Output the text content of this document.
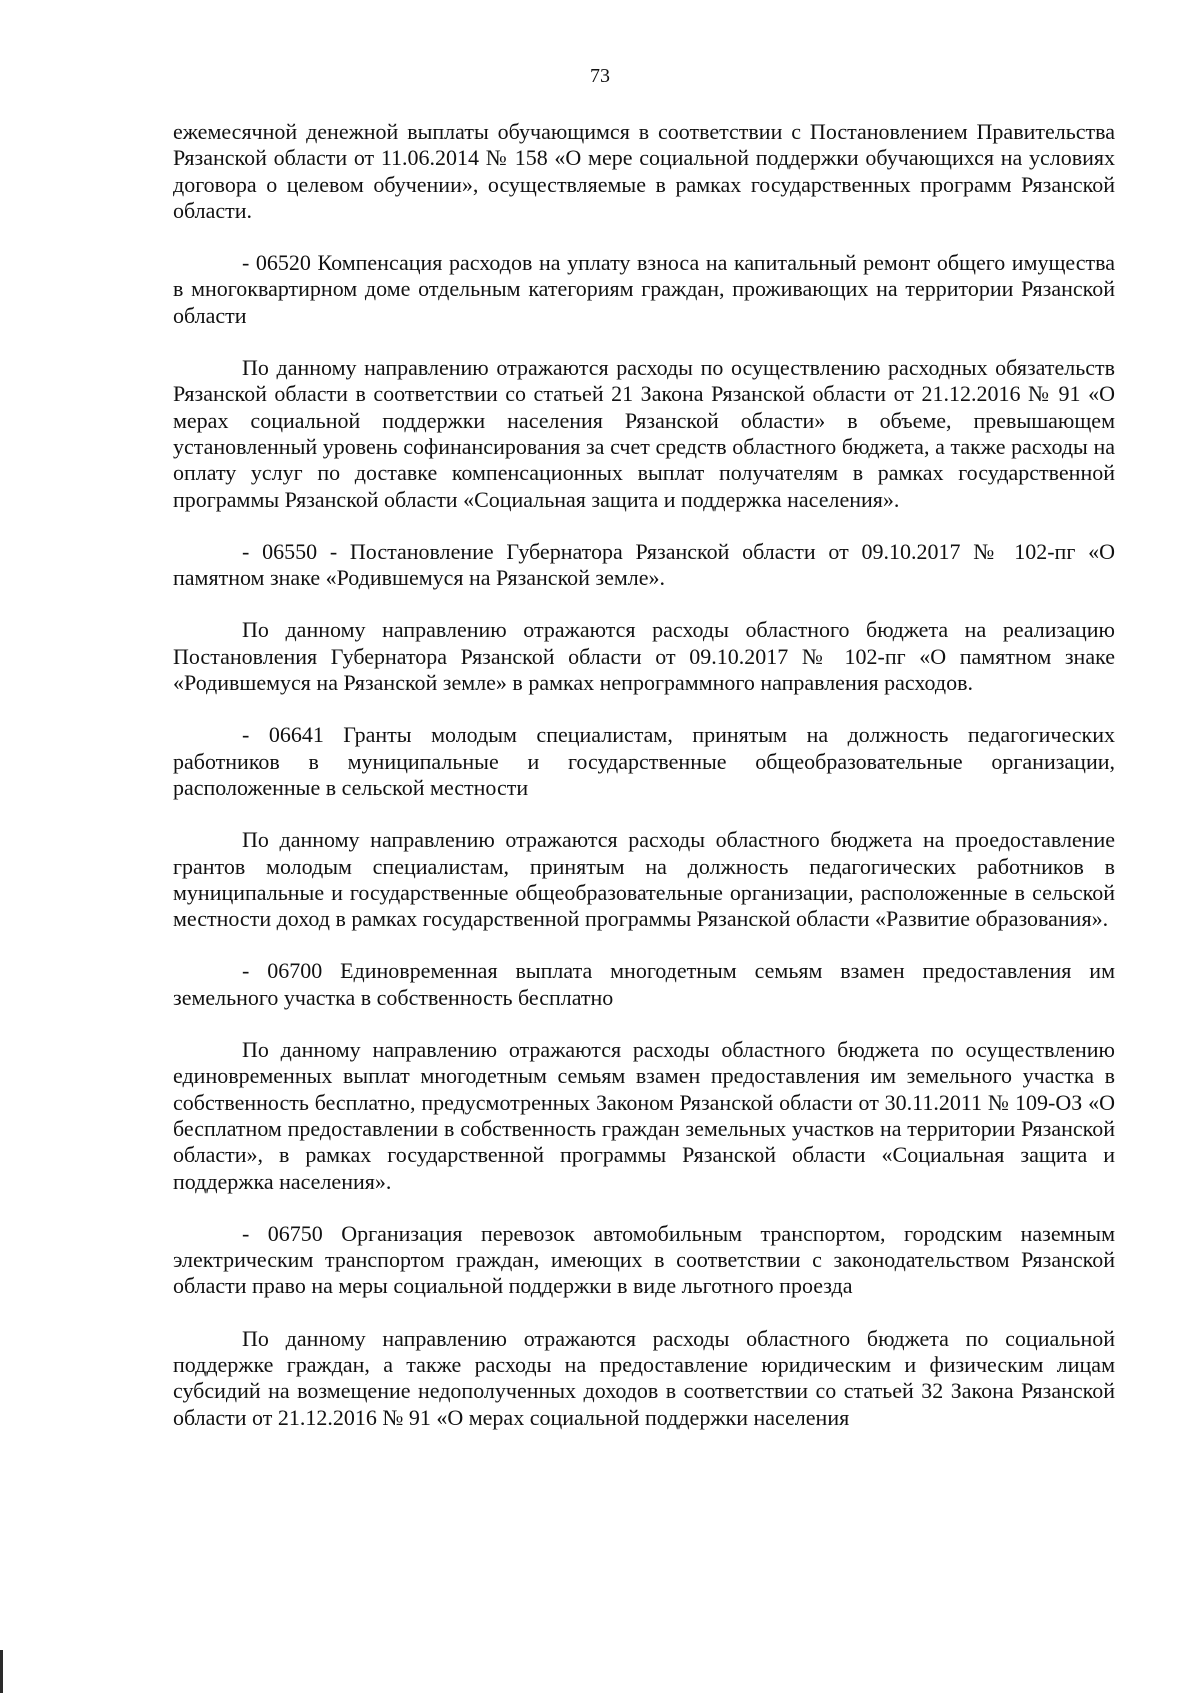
73

ежемесячной денежной выплаты обучающимся в соответствии с Постановлением Правительства Рязанской области от 11.06.2014 № 158 «О мере социальной поддержки обучающихся на условиях договора о целевом обучении», осуществляемые в рамках государственных программ Рязанской области.

- 06520 Компенсация расходов на уплату взноса на капитальный ремонт общего имущества в многоквартирном доме отдельным категориям граждан, проживающих на территории Рязанской области

По данному направлению отражаются расходы по осуществлению расходных обязательств Рязанской области в соответствии со статьей 21 Закона Рязанской области от 21.12.2016 № 91 «О мерах социальной поддержки населения Рязанской области» в объеме, превышающем установленный уровень софинансирования за счет средств областного бюджета, а также расходы на оплату услуг по доставке компенсационных выплат получателям в рамках государственной программы Рязанской области «Социальная защита и поддержка населения».

- 06550 - Постановление Губернатора Рязанской области от 09.10.2017 № 102-пг «О памятном знаке «Родившемуся на Рязанской земле».

По данному направлению отражаются расходы областного бюджета на реализацию Постановления Губернатора Рязанской области от 09.10.2017 № 102-пг «О памятном знаке «Родившемуся на Рязанской земле» в рамках непрограммного направления расходов.

- 06641 Гранты молодым специалистам, принятым на должность педагогических работников в муниципальные и государственные общеобразовательные организации, расположенные в сельской местности

По данному направлению отражаются расходы областного бюджета на проедоставление грантов молодым специалистам, принятым на должность педагогических работников в муниципальные и государственные общеобразовательные организации, расположенные в сельской местности доход в рамках государственной программы Рязанской области «Развитие образования».

- 06700 Единовременная выплата многодетным семьям взамен предоставления им земельного участка в собственность бесплатно

По данному направлению отражаются расходы областного бюджета по осуществлению единовременных выплат многодетным семьям взамен предоставления им земельного участка в собственность бесплатно, предусмотренных Законом Рязанской области от 30.11.2011 № 109-ОЗ «О бесплатном предоставлении в собственность граждан земельных участков на территории Рязанской области», в рамках государственной программы Рязанской области «Социальная защита и поддержка населения».

- 06750 Организация перевозок автомобильным транспортом, городским наземным электрическим транспортом граждан, имеющих в соответствии с законодательством Рязанской области право на меры социальной поддержки в виде льготного проезда

По данному направлению отражаются расходы областного бюджета по социальной поддержке граждан, а также расходы на предоставление юридическим и физическим лицам субсидий на возмещение недополученных доходов в соответствии со статьей 32 Закона Рязанской области от 21.12.2016 № 91 «О мерах социальной поддержки населения
